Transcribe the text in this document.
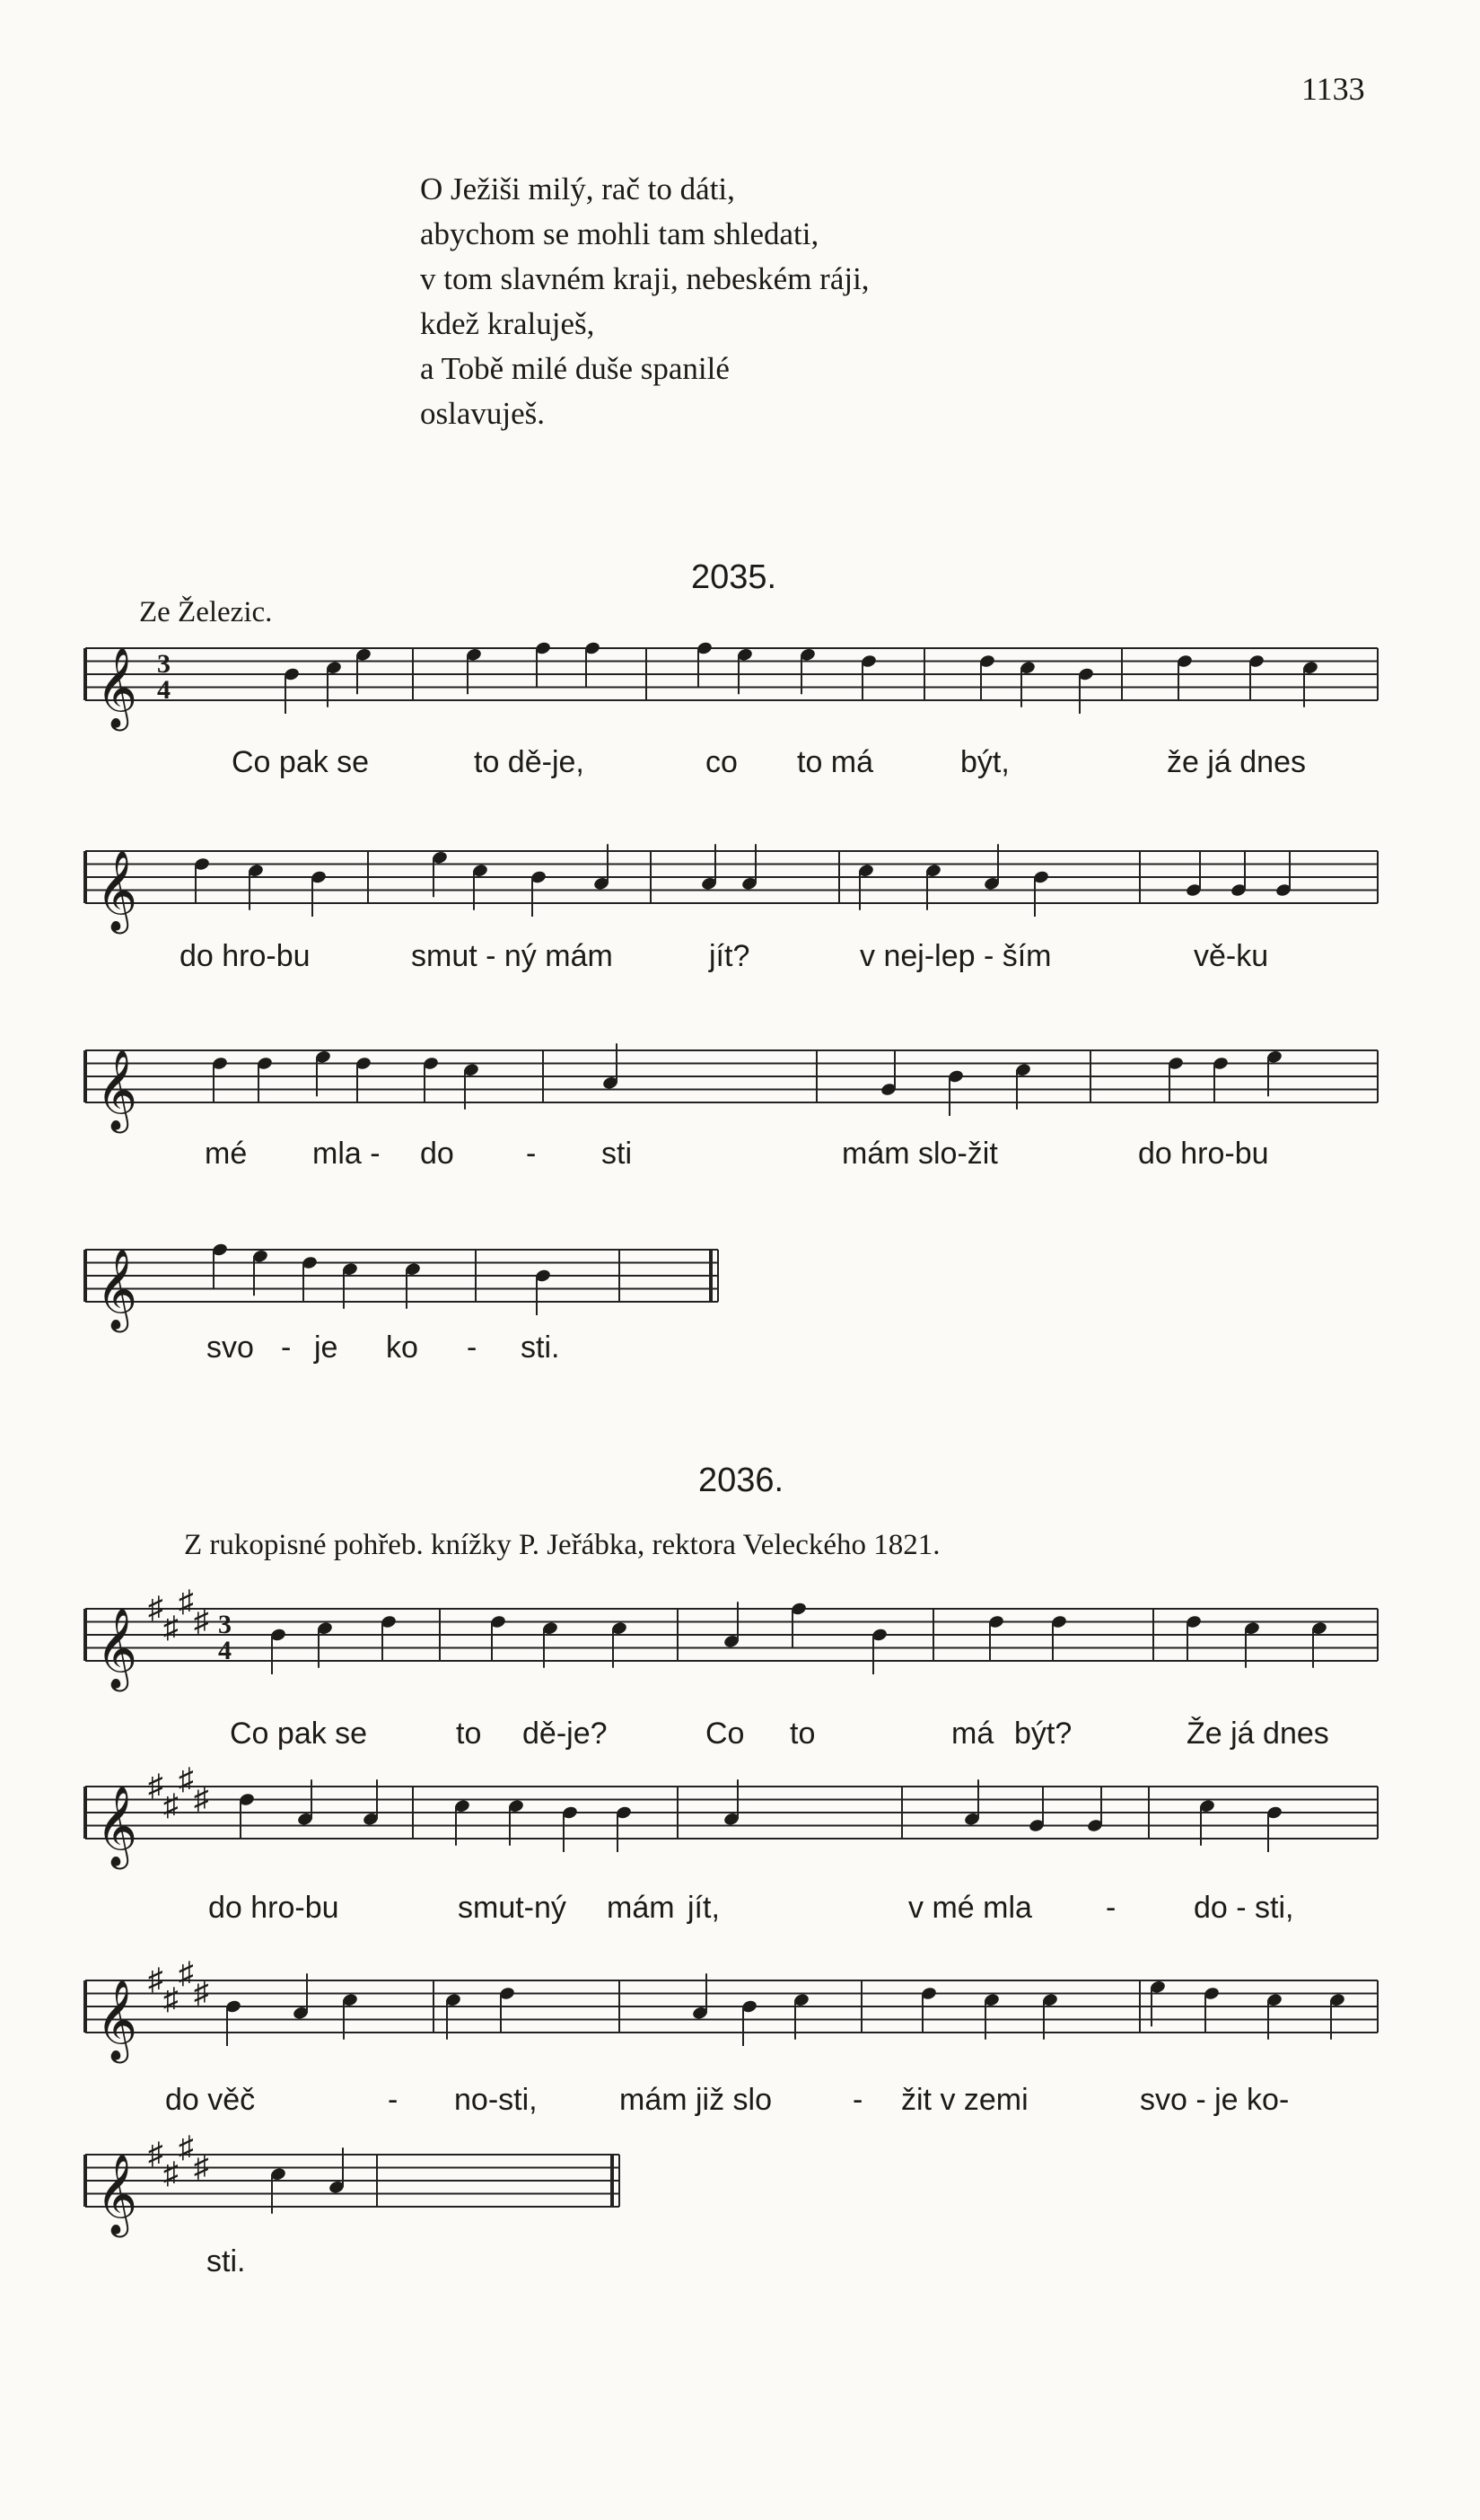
1133
O Ježiši milý, rač to dáti,
abychom se mohli tam shledati,
v tom slavném kraji, nebeském ráji,
kdež kraluješ,
a Tobě milé duše spanilé
oslavuješ.
2035.
Ze Železic.
𝄞 3
4
𝄞
𝄞
𝄞
𝄞 ♯
♯
♯
♯ 3
4
𝄞 ♯
♯
♯
♯
𝄞 ♯
♯
♯
♯
𝄞 ♯
♯
♯
♯
Co pak se	to dě-je,	co to má	být,	že já dnes
do hro-bu	smut - ný mám	jít?	v nej-lep - ším	vě-ku
mé mla - do - sti	mám slo-žit	do hro-bu
svo - je ko - sti.
2036.
Z rukopisné pohřeb. knížky P. Jeřábka, rektora Veleckého 1821.
Co pak se	to dě-je?	Co to	má být?	Že já dnes
do hro-bu	smut-ný mám jít,	v mé mla -	do - sti,
do věč	- no-sti,	mám již slo	- žit v zemi	svo - je ko-
sti.
